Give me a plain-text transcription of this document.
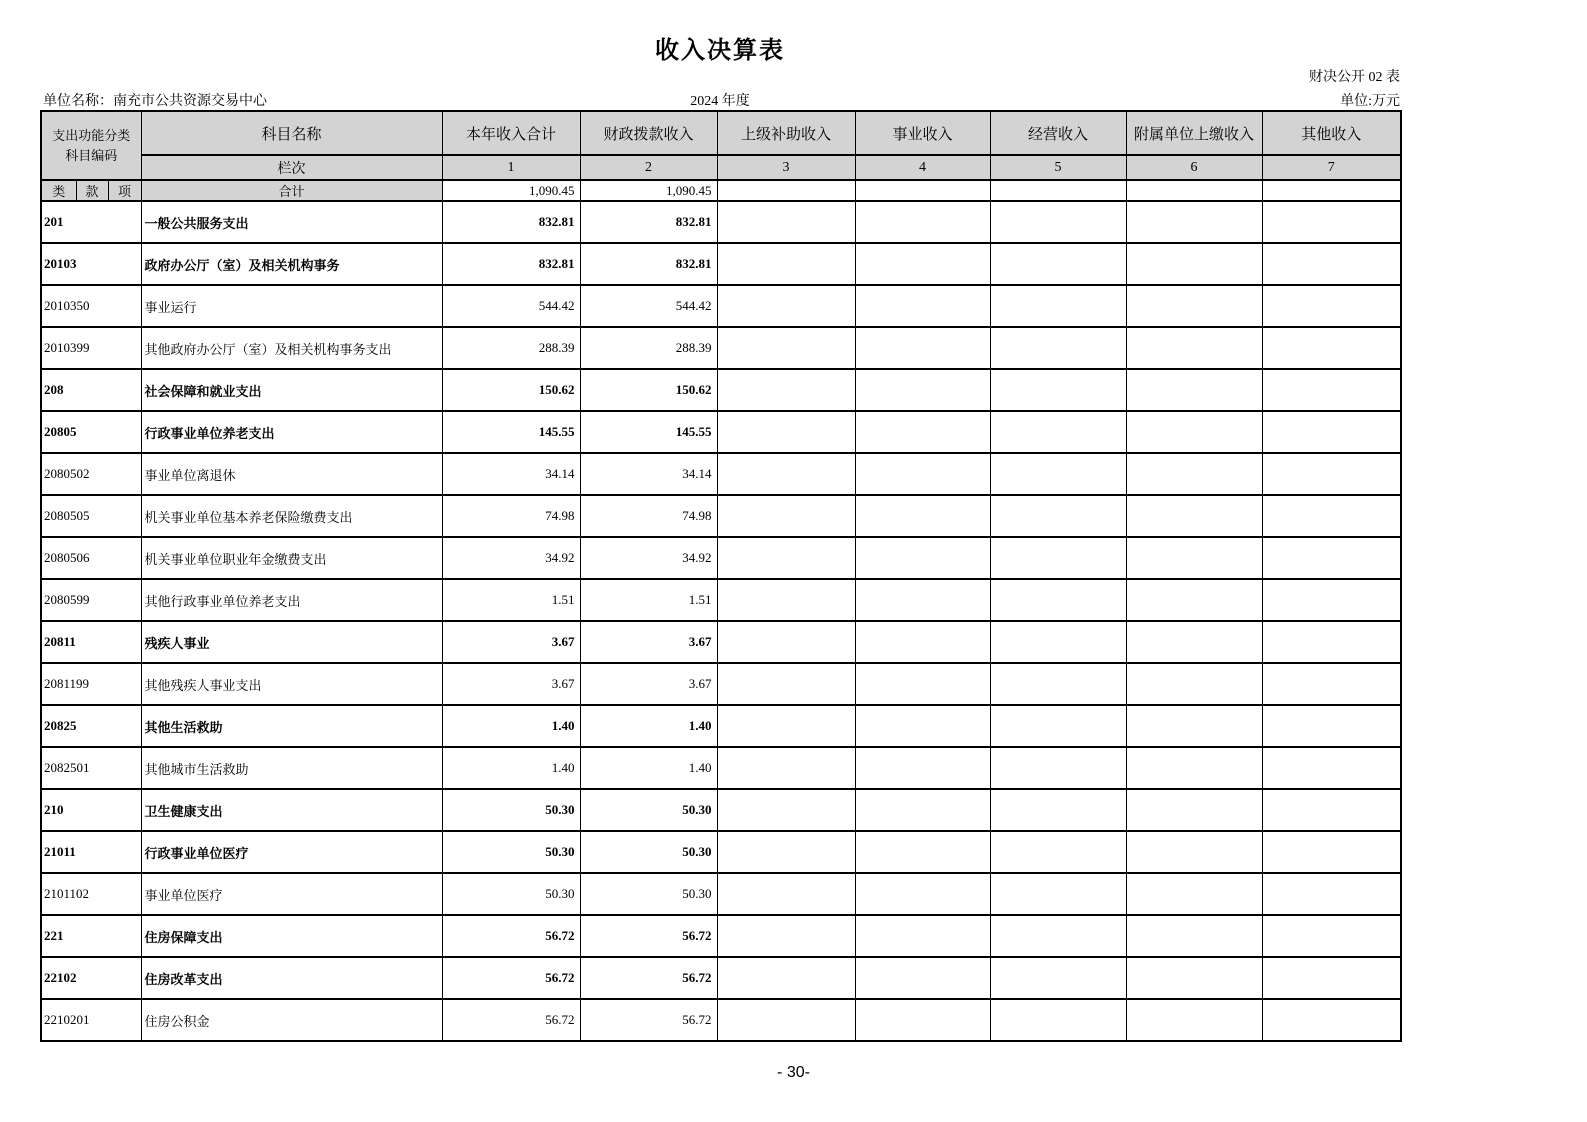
收入决算表
财决公开 02 表
单位名称：南充市公共资源交易中心	2024 年度	单位:万元
支出功能分类
科目编码			科目名称	本年收入合计	财政拨款收入	上级补助收入	事业收入	经营收入	附属单位上缴收入	其他收入
			栏次	1	2	3	4	5	6	7
类	款	项	合计	1,090.45	1,090.45					
201			一般公共服务支出	832.81	832.81					
20103			政府办公厅（室）及相关机构事务	832.81	832.81					
2010350			事业运行	544.42	544.42					
2010399			其他政府办公厅（室）及相关机构事务支出	288.39	288.39					
208			社会保障和就业支出	150.62	150.62					
20805			行政事业单位养老支出	145.55	145.55					
2080502			事业单位离退休	34.14	34.14					
2080505			机关事业单位基本养老保险缴费支出	74.98	74.98					
2080506			机关事业单位职业年金缴费支出	34.92	34.92					
2080599			其他行政事业单位养老支出	1.51	1.51					
20811			残疾人事业	3.67	3.67					
2081199			其他残疾人事业支出	3.67	3.67					
20825			其他生活救助	1.40	1.40					
2082501			其他城市生活救助	1.40	1.40					
210			卫生健康支出	50.30	50.30					
21011			行政事业单位医疗	50.30	50.30					
2101102			事业单位医疗	50.30	50.30					
221			住房保障支出	56.72	56.72					
22102			住房改革支出	56.72	56.72					
2210201			住房公积金	56.72	56.72					
- 30-
